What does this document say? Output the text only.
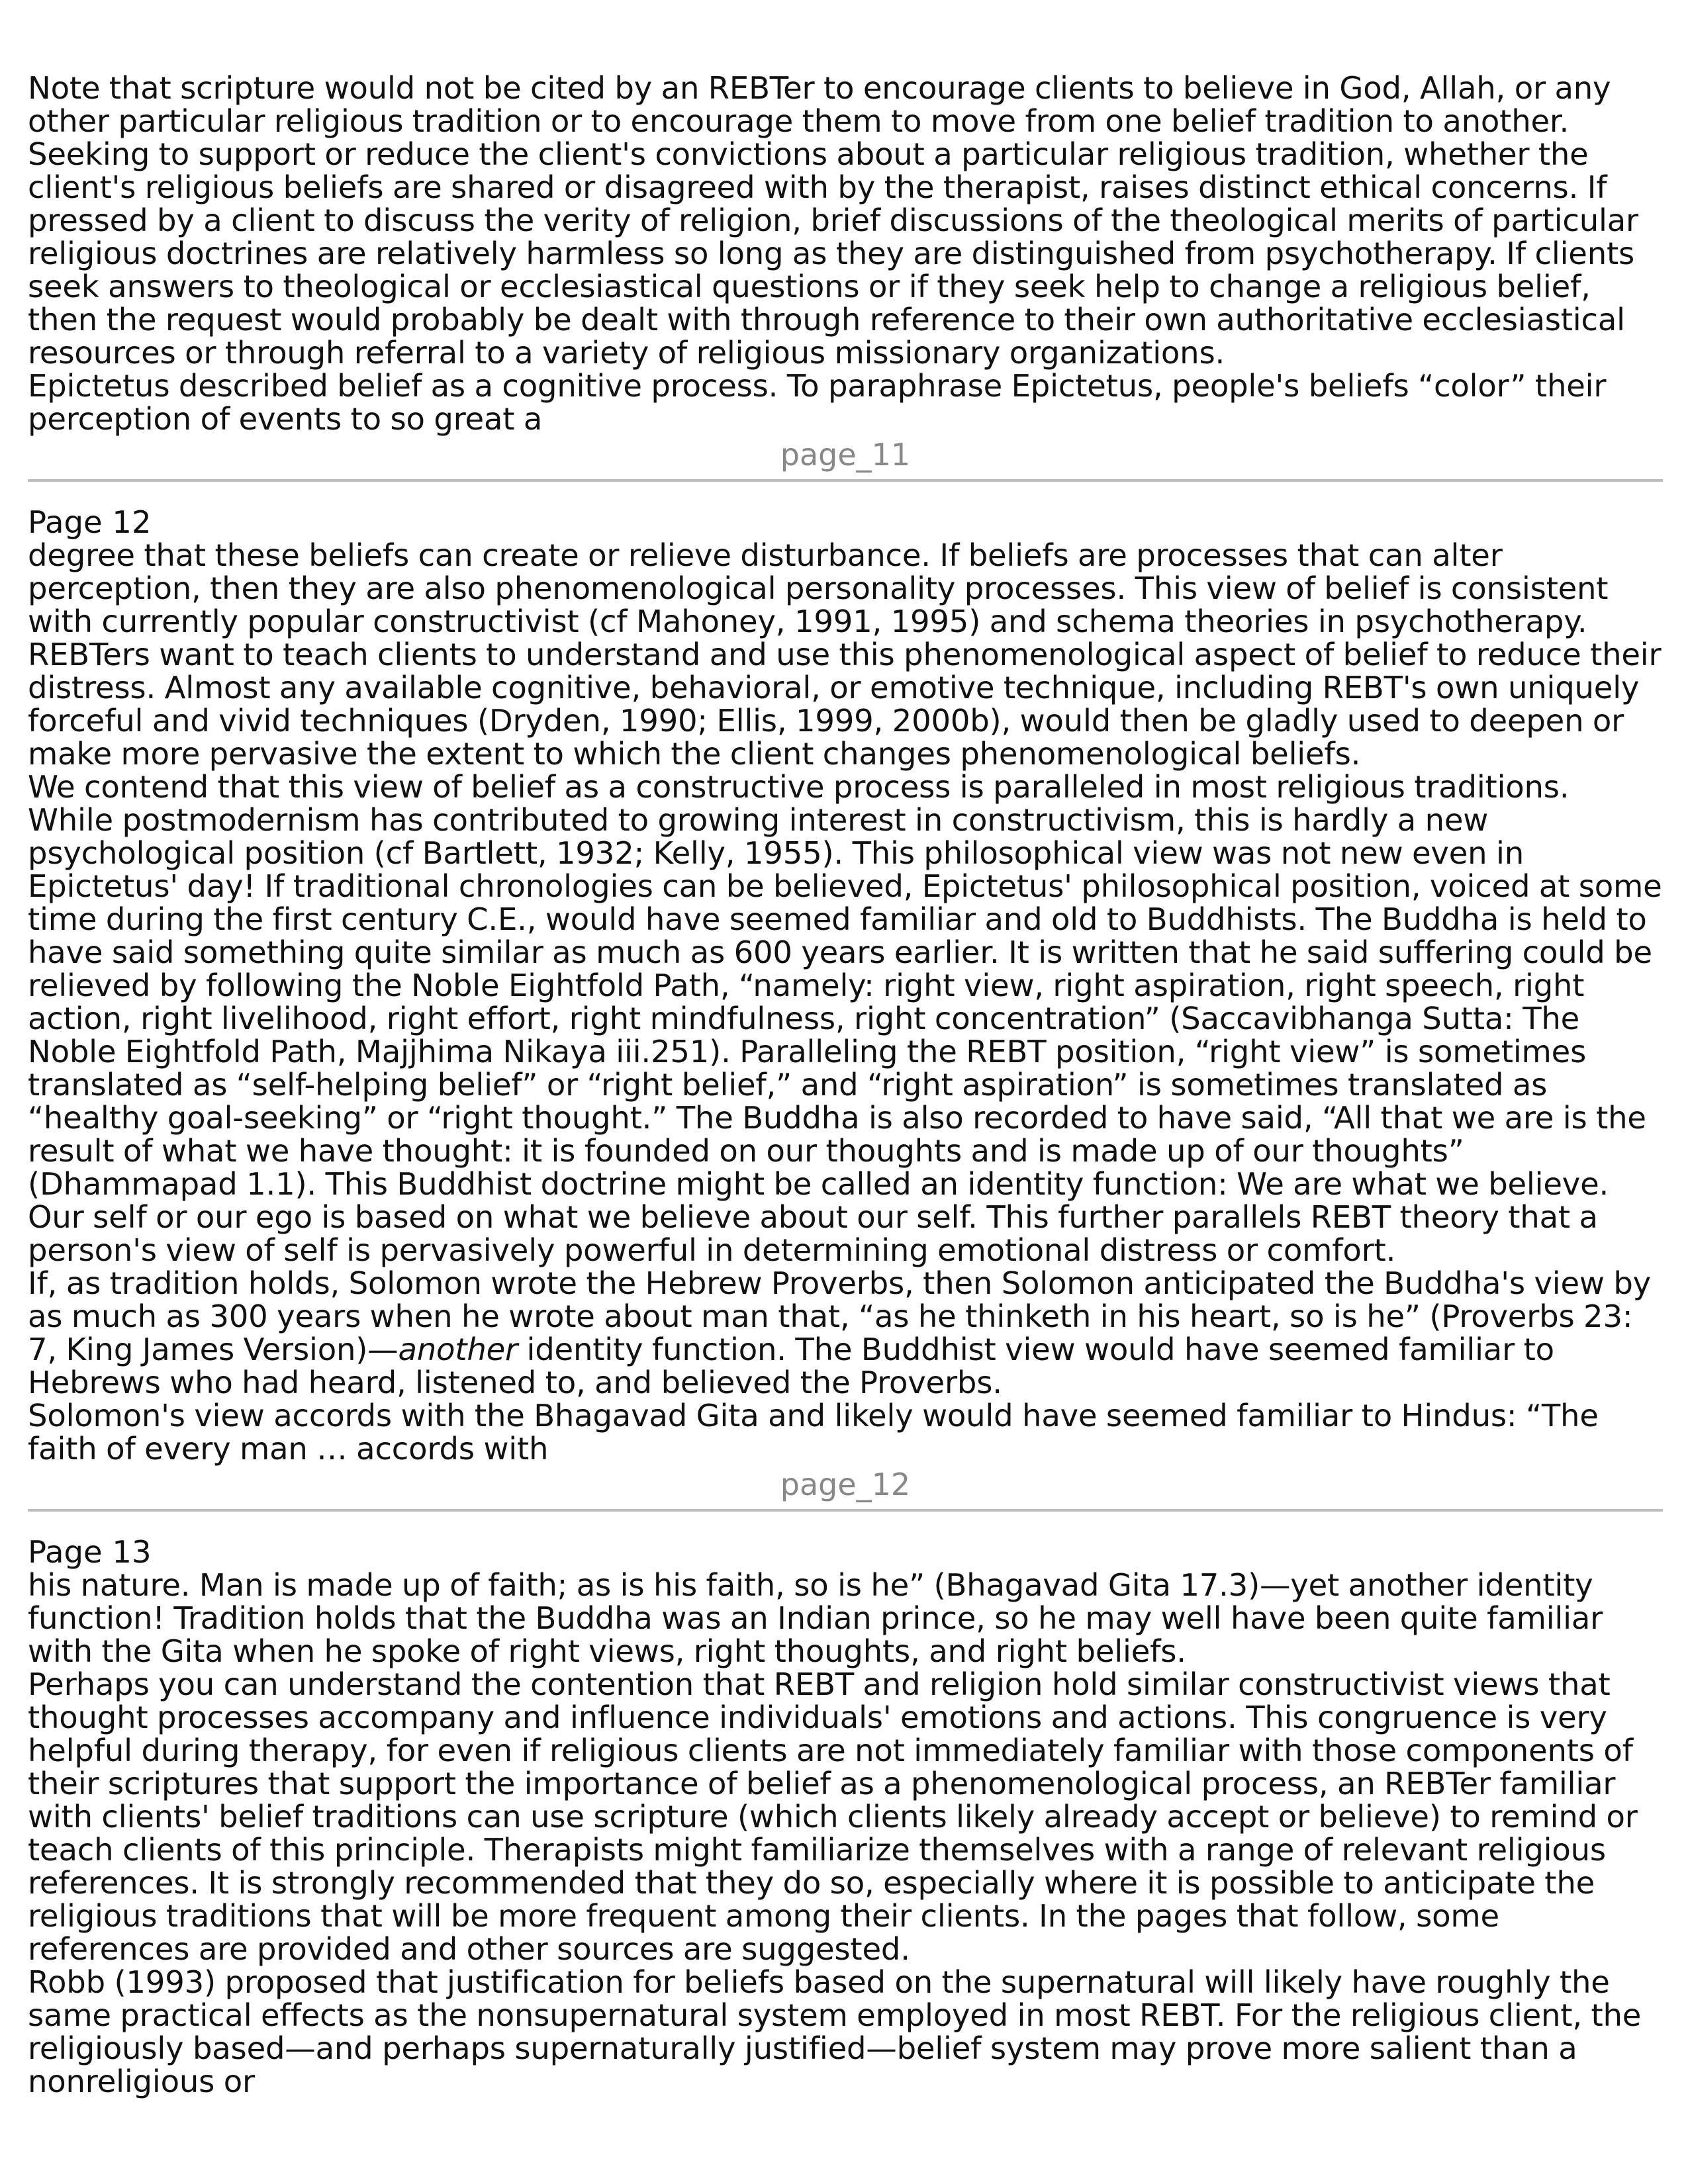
Note that scripture would not be cited by an REBTer to encourage clients to believe in God, Allah, or any other particular religious tradition or to encourage them to move from one belief tradition to another. Seeking to support or reduce the client's convictions about a particular religious tradition, whether the client's religious beliefs are shared or disagreed with by the therapist, raises distinct ethical concerns. If pressed by a client to discuss the verity of religion, brief discussions of the theological merits of particular religious doctrines are relatively harmless so long as they are distinguished from psychotherapy. If clients seek answers to theological or ecclesiastical questions or if they seek help to change a religious belief, then the request would probably be dealt with through reference to their own authoritative ecclesiastical resources or through referral to a variety of religious missionary organizations.

Epictetus described belief as a cognitive process. To paraphrase Epictetus, people's beliefs “color” their perception of events to so great a

page_11

Page 12

degree that these beliefs can create or relieve disturbance. If beliefs are processes that can alter perception, then they are also phenomenological personality processes. This view of belief is consistent with currently popular constructivist (cf Mahoney, 1991, 1995) and schema theories in psychotherapy. REBTers want to teach clients to understand and use this phenomenological aspect of belief to reduce their distress. Almost any available cognitive, behavioral, or emotive technique, including REBT's own uniquely forceful and vivid techniques (Dryden, 1990; Ellis, 1999, 2000b), would then be gladly used to deepen or make more pervasive the extent to which the client changes phenomenological beliefs.

We contend that this view of belief as a constructive process is paralleled in most religious traditions. While postmodernism has contributed to growing interest in constructivism, this is hardly a new psychological position (cf Bartlett, 1932; Kelly, 1955). This philosophical view was not new even in Epictetus' day! If traditional chronologies can be believed, Epictetus' philosophical position, voiced at some time during the first century C.E., would have seemed familiar and old to Buddhists. The Buddha is held to have said something quite similar as much as 600 years earlier. It is written that he said suffering could be relieved by following the Noble Eightfold Path, “namely: right view, right aspiration, right speech, right action, right livelihood, right effort, right mindfulness, right concentration” (Saccavibhanga Sutta: The Noble Eightfold Path, Majjhima Nikaya iii.251). Paralleling the REBT position, “right view” is sometimes translated as “self-helping belief” or “right belief,” and “right aspiration” is sometimes translated as “healthy goal-seeking” or “right thought.” The Buddha is also recorded to have said, “All that we are is the result of what we have thought: it is founded on our thoughts and is made up of our thoughts” (Dhammapad 1.1). This Buddhist doctrine might be called an identity function: We are what we believe. Our self or our ego is based on what we believe about our self. This further parallels REBT theory that a person's view of self is pervasively powerful in determining emotional distress or comfort.

If, as tradition holds, Solomon wrote the Hebrew Proverbs, then Solomon anticipated the Buddha's view by as much as 300 years when he wrote about man that, “as he thinketh in his heart, so is he” (Proverbs 23: 7, King James Version)—another identity function. The Buddhist view would have seemed familiar to Hebrews who had heard, listened to, and believed the Proverbs.

Solomon's view accords with the Bhagavad Gita and likely would have seemed familiar to Hindus: “The faith of every man … accords with

page_12

Page 13

his nature. Man is made up of faith; as is his faith, so is he” (Bhagavad Gita 17.3)—yet another identity function! Tradition holds that the Buddha was an Indian prince, so he may well have been quite familiar with the Gita when he spoke of right views, right thoughts, and right beliefs.

Perhaps you can understand the contention that REBT and religion hold similar constructivist views that thought processes accompany and influence individuals' emotions and actions. This congruence is very helpful during therapy, for even if religious clients are not immediately familiar with those components of their scriptures that support the importance of belief as a phenomenological process, an REBTer familiar with clients' belief traditions can use scripture (which clients likely already accept or believe) to remind or teach clients of this principle. Therapists might familiarize themselves with a range of relevant religious references. It is strongly recommended that they do so, especially where it is possible to anticipate the religious traditions that will be more frequent among their clients. In the pages that follow, some references are provided and other sources are suggested.

Robb (1993) proposed that justification for beliefs based on the supernatural will likely have roughly the same practical effects as the nonsupernatural system employed in most REBT. For the religious client, the religiously based—and perhaps supernaturally justified—belief system may prove more salient than a nonreligious or
